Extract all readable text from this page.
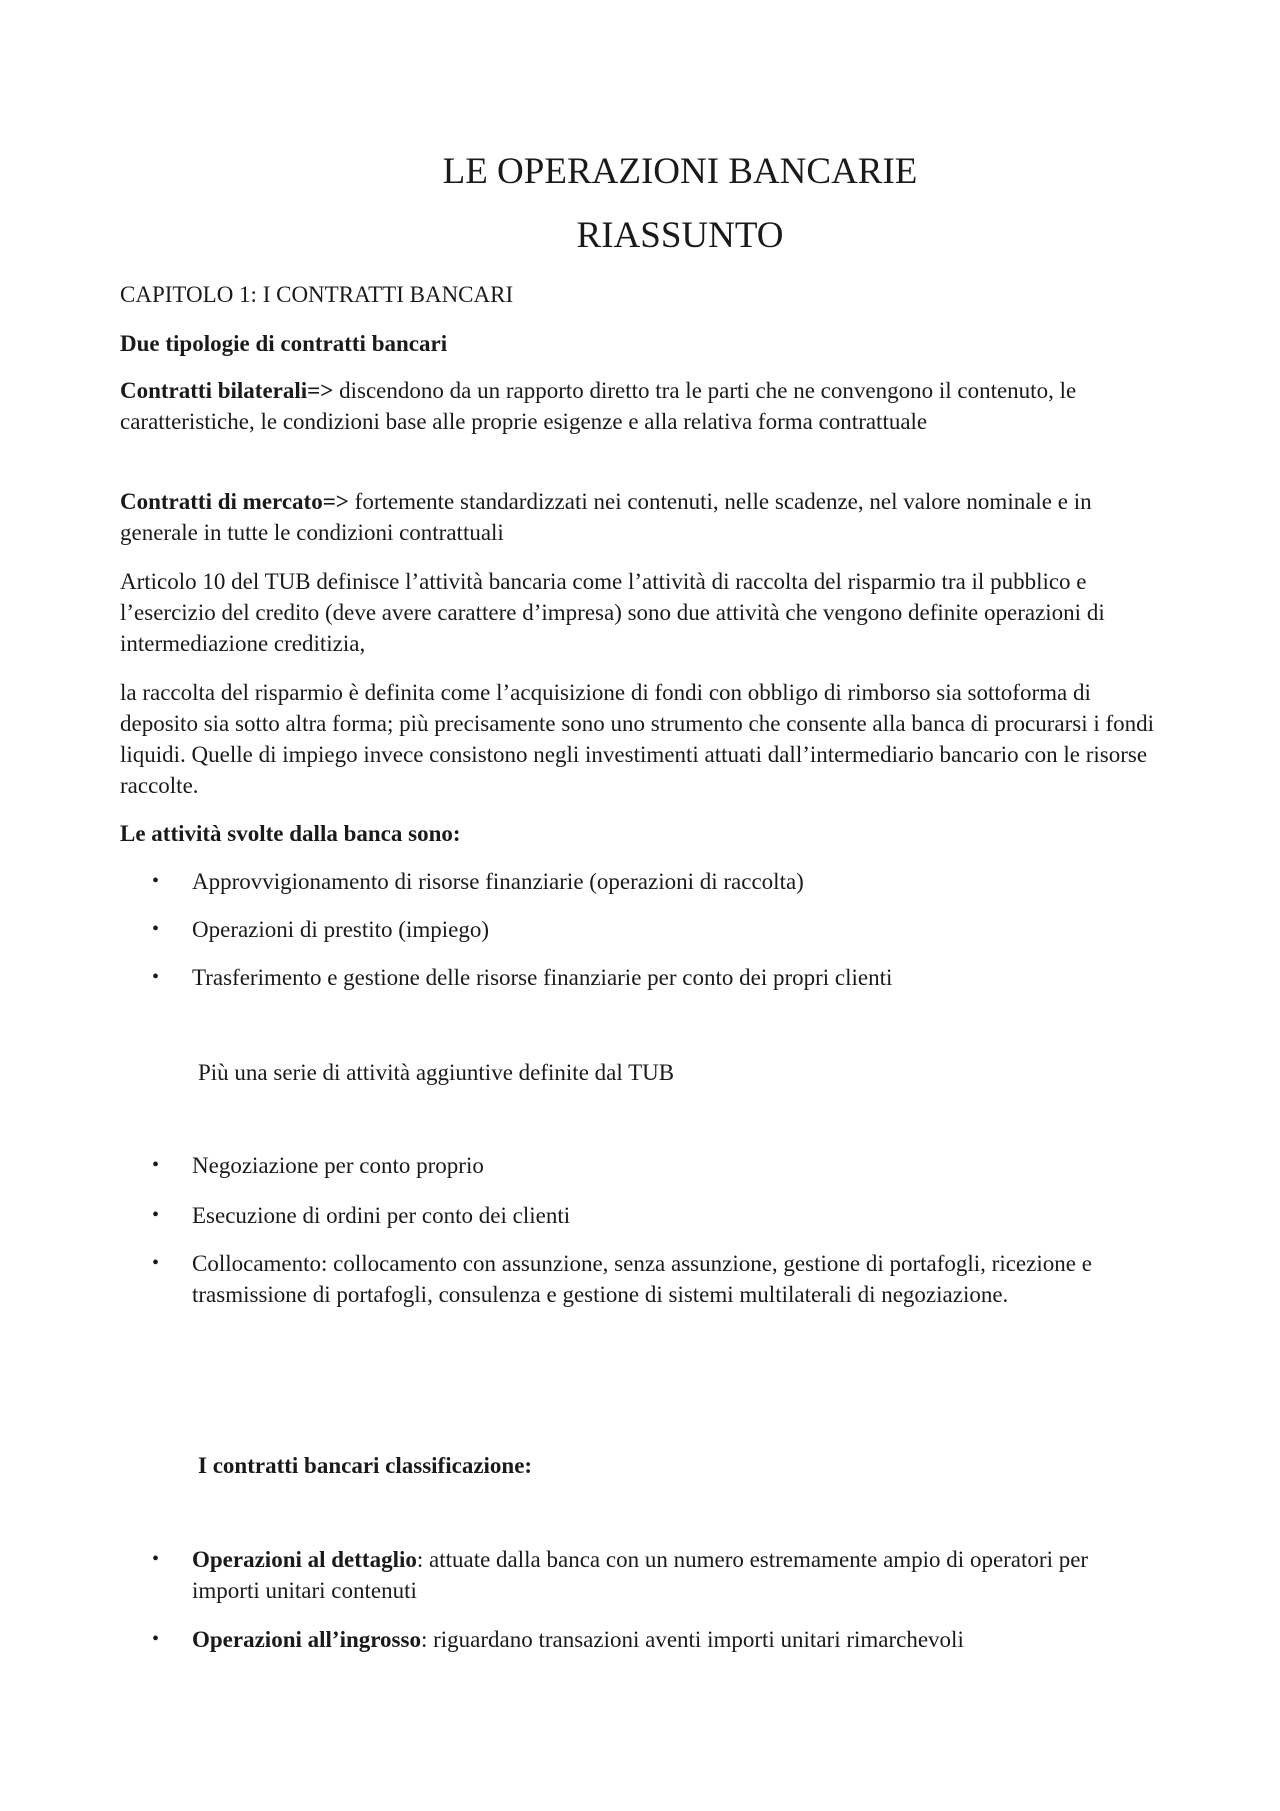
LE OPERAZIONI BANCARIE
RIASSUNTO

CAPITOLO 1: I CONTRATTI BANCARI

Due tipologie di contratti bancari

Contratti bilaterali=> discendono da un rapporto diretto tra le parti che ne convengono il contenuto, le caratteristiche, le condizioni base alle proprie esigenze e alla relativa forma contrattuale

Contratti di mercato=> fortemente standardizzati nei contenuti, nelle scadenze, nel valore nominale e in generale in tutte le condizioni contrattuali

Articolo 10 del TUB definisce l’attività bancaria come l’attività di raccolta del risparmio tra il pubblico e l’esercizio del credito (deve avere carattere d’impresa) sono due attività che vengono definite operazioni di intermediazione creditizia,

la raccolta del risparmio è definita come l’acquisizione di fondi con obbligo di rimborso sia sottoforma di deposito sia sotto altra forma; più precisamente sono uno strumento che consente alla banca di procurarsi i fondi liquidi. Quelle di impiego invece consistono negli investimenti attuati dall’intermediario bancario con le risorse raccolte.

Le attività svolte dalla banca sono:

• Approvvigionamento di risorse finanziarie (operazioni di raccolta)
• Operazioni di prestito (impiego)
• Trasferimento e gestione delle risorse finanziarie per conto dei propri clienti

Più una serie di attività aggiuntive definite dal TUB

• Negoziazione per conto proprio
• Esecuzione di ordini per conto dei clienti
• Collocamento: collocamento con assunzione, senza assunzione, gestione di portafogli, ricezione e trasmissione di portafogli, consulenza e gestione di sistemi multilaterali di negoziazione.

I contratti bancari classificazione:

• Operazioni al dettaglio: attuate dalla banca con un numero estremamente ampio di operatori per importi unitari contenuti
• Operazioni all’ingrosso: riguardano transazioni aventi importi unitari rimarchevoli
